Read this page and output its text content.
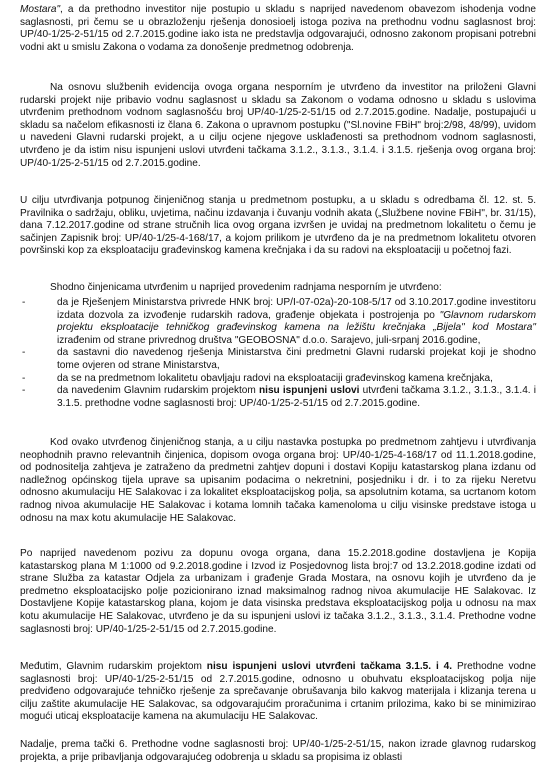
Mostara", a da prethodno investitor nije postupio u skladu s naprijed navedenom obavezom ishodenja vodne saglasnosti, pri čemu se u obrazloženju rješenja donosioelj istoga poziva na prethodnu vodnu saglasnost broj: UP/40-1/25-2-51/15 od 2.7.2015.godine iako ista ne predstavlja odgovarajući, odnosno zakonom propisani potrebni vodni akt u smislu Zakona o vodama za donošenje predmetnog odobrenja.

Na osnovu službenih evidencija ovoga organa nesporním je utvrđeno da investitor na priloženi Glavni rudarski projekt nije pribavio vodnu saglasnost u skladu sa Zakonom o vodama odnosno u skladu s uslovima utvrđenim prethodnom vodnom saglasnošću broj UP/40-1/25-2-51/15 od 2.7.2015.godine. Nadalje, postupajući u skladu sa načelom efikasnosti iz člana 6. Zakona o upravnom postupku ("Sl.novine FBiH" broj:2/98, 48/99), uvidom u navedeni Glavni rudarski projekt, a u cilju ocjene njegove usklađenosti sa prethodnom vodnom saglasnosti, utvrđeno je da istim nisu ispunjeni uslovi utvrđeni tačkama 3.1.2., 3.1.3., 3.1.4. i 3.1.5. rješenja ovog organa broj: UP/40-1/25-2-51/15 od 2.7.2015.godine.

U cilju utvrđivanja potpunog činjeničnog stanja u predmetnom postupku, a u skladu s odredbama čl. 12. st. 5. Pravilnika o sadržaju, obliku, uvjetima, načinu izdavanja i čuvanju vodnih akata („Službene novine FBiH", br. 31/15), dana 7.12.2017.godine od strane stručnih lica ovog organa izvršen je uvidaj na predmetnom lokalitetu o čemu je sačinjen Zapisnik broj: UP/40-1/25-4-168/17, a kojom prilikom je utvrđeno da je na predmetnom lokalitetu otvoren površinski kop za eksploataciju građevinskog kamena krečnjaka i da su radovi na eksploataciji u početnoj fazi.

Shodno činjenicama utvrđenim u naprijed provedenim radnjama nesporním je utvrđeno:

- da je Rješenjem Ministarstva privrede HNK broj: UP/I-07-02a)-20-108-5/17 od 3.10.2017.godine investitoru izdata dozvola za izvođenje rudarskih radova, građenje objekata i postrojenja po "Glavnom rudarskom projektu eksploatacije tehničkog građevinskog kamena na ležištu krečnjaka „Bijela" kod Mostara" izrađenim od strane privrednog društva "GEOBOSNA" d.o.o. Sarajevo, juli-srpanj 2016.godine,
- da sastavni dio navedenog rješenja Ministarstva čini predmetni Glavni rudarski projekat koji je shodno tome ovjeren od strane Ministarstva,
- da se na predmetnom lokalitetu obavljaju radovi na eksploataciji građevinskog kamena krečnjaka,
- da navedenim Glavnim rudarskim projektom nisu ispunjeni uslovi utvrđeni tačkama 3.1.2., 3.1.3., 3.1.4. i 3.1.5. prethodne vodne saglasnosti broj: UP/40-1/25-2-51/15 od 2.7.2015.godine.

Kod ovako utvrđenog činjeničnog stanja, a u cilju nastavka postupka po predmetnom zahtjevu i utvrđivanja neophodnih pravno relevantnih činjenica, dopisom ovoga organa broj: UP/40-1/25-4-168/17 od 11.1.2018.godine, od podnositelja zahtjeva je zatraženo da predmetni zahtjev dopuni i dostavi Kopiju katastarskog plana izdanu od nadležnog općinskog tijela uprave sa upisanim podacima o nekretnini, posjedniku i dr. i to za rijeku Neretvu odnosno akumulaciju HE Salakovac i za lokalitet eksploatacijskog polja, sa apsolutnim kotama, sa ucrtanom kotom radnog nivoa akumulacije HE Salakovac i kotama lomnih tačaka kamenoloma u cilju visinske predstave istoga u odnosu na max kotu akumulacije HE Salakovac.

Po naprijed navedenom pozivu za dopunu ovoga organa, dana 15.2.2018.godine dostavljena je Kopija katastarskog plana M 1:1000 od 9.2.2018.godine i Izvod iz Posjedovnog lista broj:7 od 13.2.2018.godine izdati od strane Služba za katastar Odjela za urbanizam i građenje Grada Mostara, na osnovu kojih je utvrđeno da je predmetno eksploatacijsko polje pozicionirano iznad maksimalnog radnog nivoa akumulacije HE Salakovac. Iz Dostavljene Kopije katastarskog plana, kojom je data visinska predstava eksploatacijskog polja u odnosu na max kotu akumulacije HE Salakovac, utvrđeno je da su ispunjeni uslovi iz tačaka 3.1.2., 3.1.3., 3.1.4. Prethodne vodne saglasnosti broj: UP/40-1/25-2-51/15 od 2.7.2015.godine.

Međutim, Glavnim rudarskim projektom nisu ispunjeni uslovi utvrđeni tačkama 3.1.5. i 4. Prethodne vodne saglasnosti broj: UP/40-1/25-2-51/15 od 2.7.2015.godine, odnosno u obuhvatu eksploatacijskog polja nije predviđeno odgovarajuće tehničko rješenje za sprečavanje obrušavanja bilo kakvog materijala i klizanja terena u cilju zaštite akumulacije HE Salakovac, sa odgovarajućim proračunima i crtanim prilozima, kako bi se minimizirao mogući uticaj eksploatacije kamena na akumulaciju HE Salakovac.

Nadalje, prema tački 6. Prethodne vodne saglasnosti broj: UP/40-1/25-2-51/15, nakon izrade glavnog rudarskog projekta, a prije pribavljanja odgovarajućeg odobrenja u skladu sa propisima iz oblasti
